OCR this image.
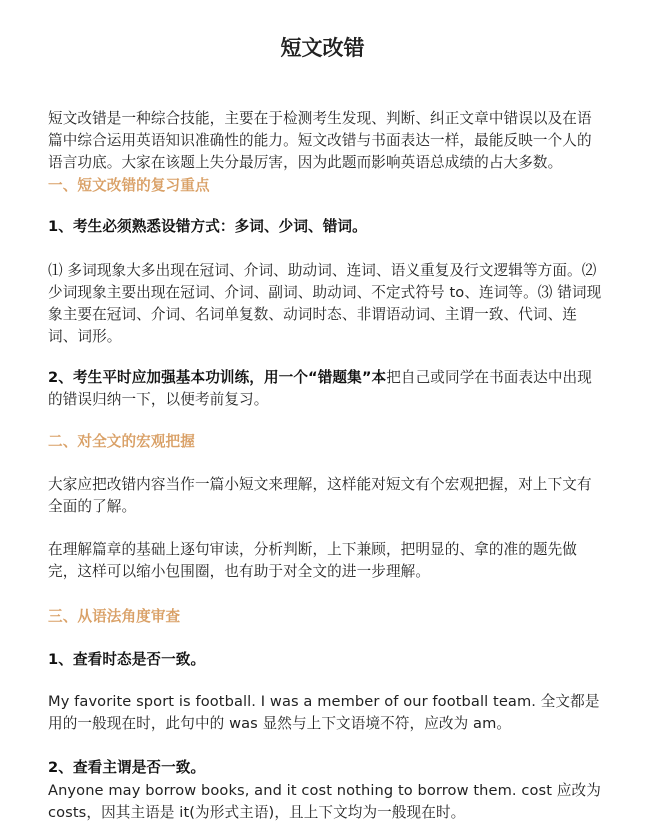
短文改错

短文改错是一种综合技能，主要在于检测考生发现、判断、纠正文章中错误以及在语篇中综合运用英语知识准确性的能力。短文改错与书面表达一样，最能反映一个人的语言功底。大家在该题上失分最厉害，因为此题而影响英语总成绩的占大多数。

一、短文改错的复习重点

1、考生必须熟悉设错方式：多词、少词、错词。

⑴ 多词现象大多出现在冠词、介词、助动词、连词、语义重复及行文逻辑等方面。⑵ 少词现象主要出现在冠词、介词、副词、助动词、不定式符号 to、连词等。⑶ 错词现象主要在冠词、介词、名词单复数、动词时态、非谓语动词、主谓一致、代词、连词、词形。

2、考生平时应加强基本功训练，用一个“错题集”本把自己或同学在书面表达中出现的错误归纳一下，以便考前复习。

二、对全文的宏观把握

大家应把改错内容当作一篇小短文来理解，这样能对短文有个宏观把握，对上下文有全面的了解。

在理解篇章的基础上逐句审读，分析判断，上下兼顾，把明显的、拿的准的题先做完，这样可以缩小包围圈，也有助于对全文的进一步理解。

三、从语法角度审查

1、查看时态是否一致。

My favorite sport is football. I was a member of our football team. 全文都是用的一般现在时，此句中的 was 显然与上下文语境不符，应改为 am。

2、查看主谓是否一致。

Anyone may borrow books, and it cost nothing to borrow them. cost 应改为 costs，因其主语是 it(为形式主语)，且上下文均为一般现在时。
